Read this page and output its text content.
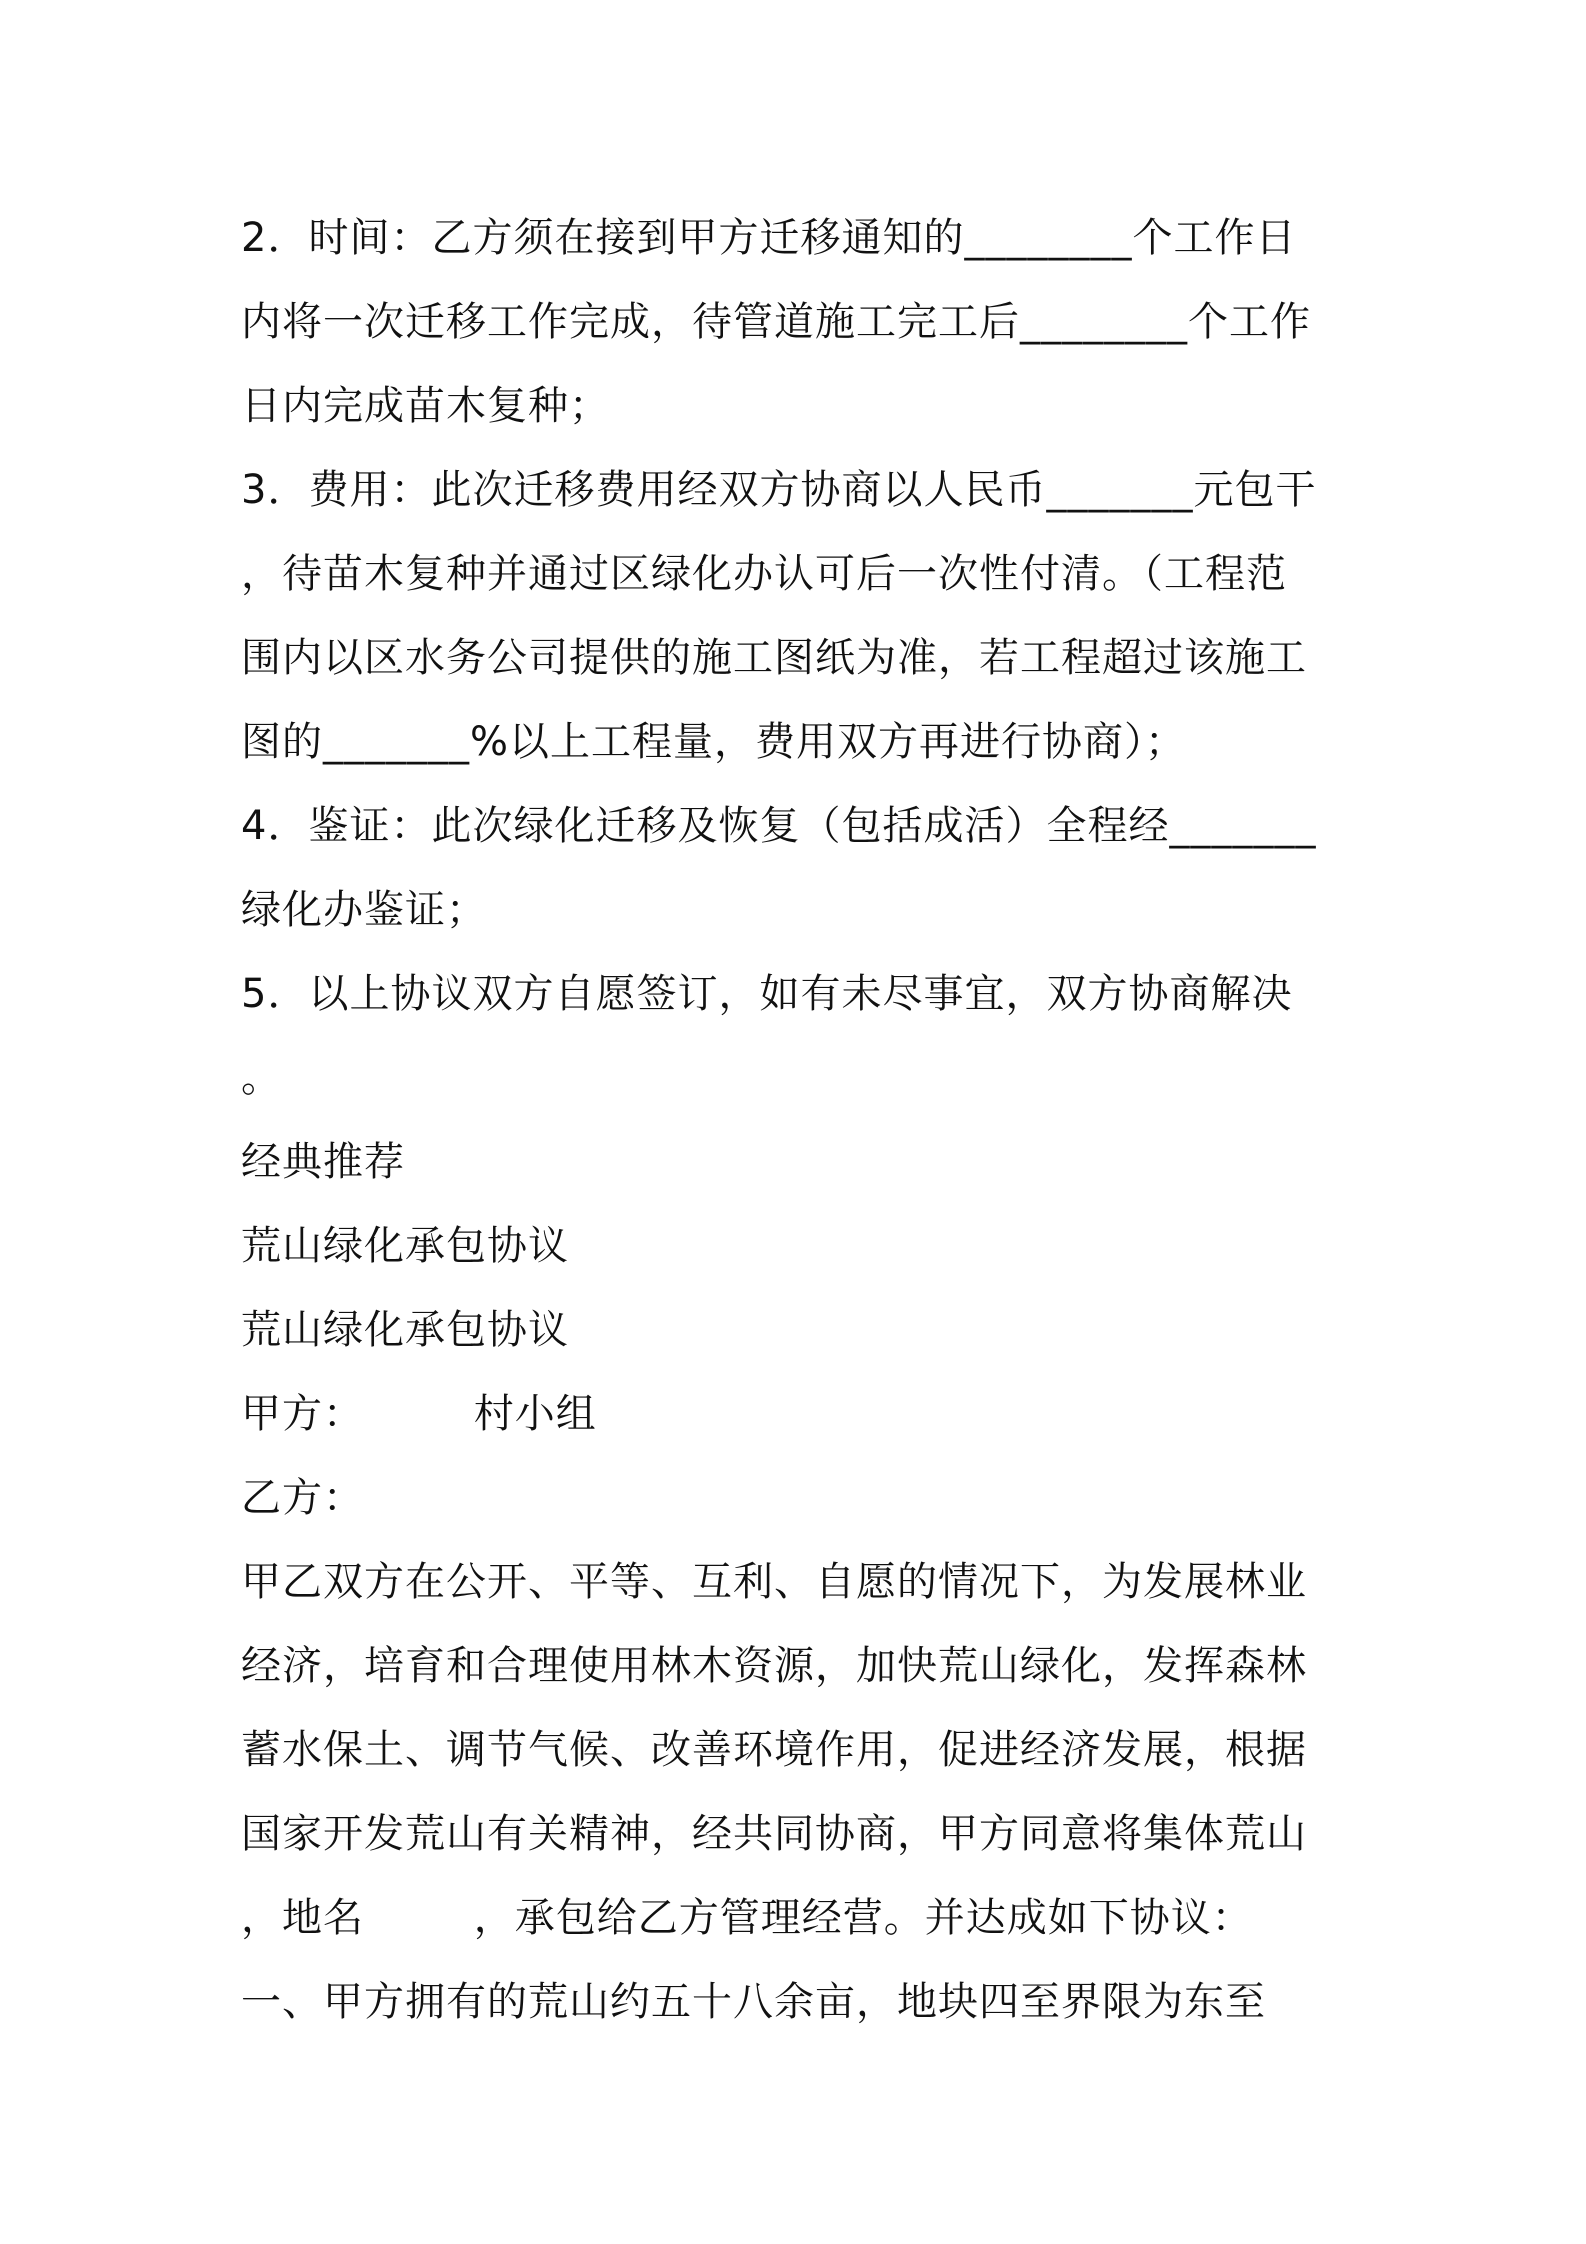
2．时间：乙方须在接到甲方迁移通知的________个工作日
内将一次迁移工作完成，待管道施工完工后________个工作
日内完成苗木复种；
3．费用：此次迁移费用经双方协商以人民币_______元包干
，待苗木复种并通过区绿化办认可后一次性付清。（工程范
围内以区水务公司提供的施工图纸为准，若工程超过该施工
图的_______%以上工程量，费用双方再进行协商）；
4．鉴证：此次绿化迁移及恢复（包括成活）全程经_______
绿化办鉴证；
5．以上协议双方自愿签订，如有未尽事宜，双方协商解决
。
经典推荐
荒山绿化承包协议
荒山绿化承包协议
甲方：        村小组
乙方：
甲乙双方在公开、平等、互利、自愿的情况下，为发展林业
经济，培育和合理使用林木资源，加快荒山绿化，发挥森林
蓄水保土、调节气候、改善环境作用，促进经济发展，根据
国家开发荒山有关精神，经共同协商，甲方同意将集体荒山
，地名        ，承包给乙方管理经营。并达成如下协议：
一、甲方拥有的荒山约五十八余亩，地块四至界限为东至
